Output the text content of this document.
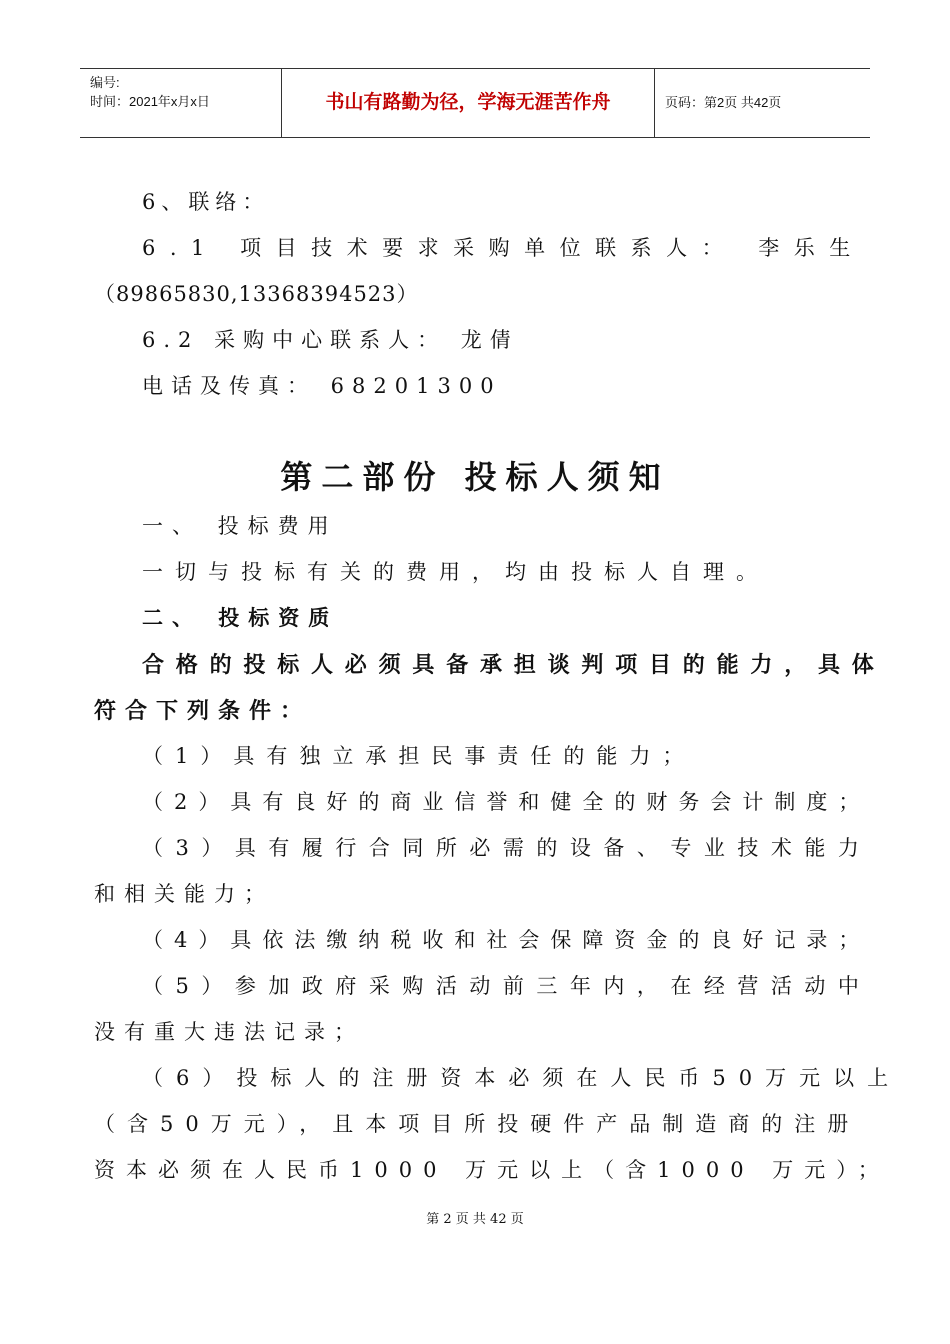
编号:
时间：2021年x月x日	书山有路勤为径，学海无涯苦作舟	页码：第2页 共42页
6、联络：
6.1 项目技术要求采购单位联系人： 李乐生
（89865830,13368394523）
6.2 采购中心联系人： 龙倩
电话及传真： 68201300
第二部份 投标人须知
一、 投标费用
一切与投标有关的费用，均由投标人自理。
二、 投标资质
合格的投标人必须具备承担谈判项目的能力，具体
符合下列条件：
（1）具有独立承担民事责任的能力；
（2）具有良好的商业信誉和健全的财务会计制度；
（3）具有履行合同所必需的设备、专业技术能力
和相关能力；
（4）具依法缴纳税收和社会保障资金的良好记录；
（5）参加政府采购活动前三年内，在经营活动中
没有重大违法记录；
（6）投标人的注册资本必须在人民币50万元以上
（含50万元），且本项目所投硬件产品制造商的注册
资本必须在人民币1000 万元以上（含1000 万元）；
第 2 页 共 42 页
